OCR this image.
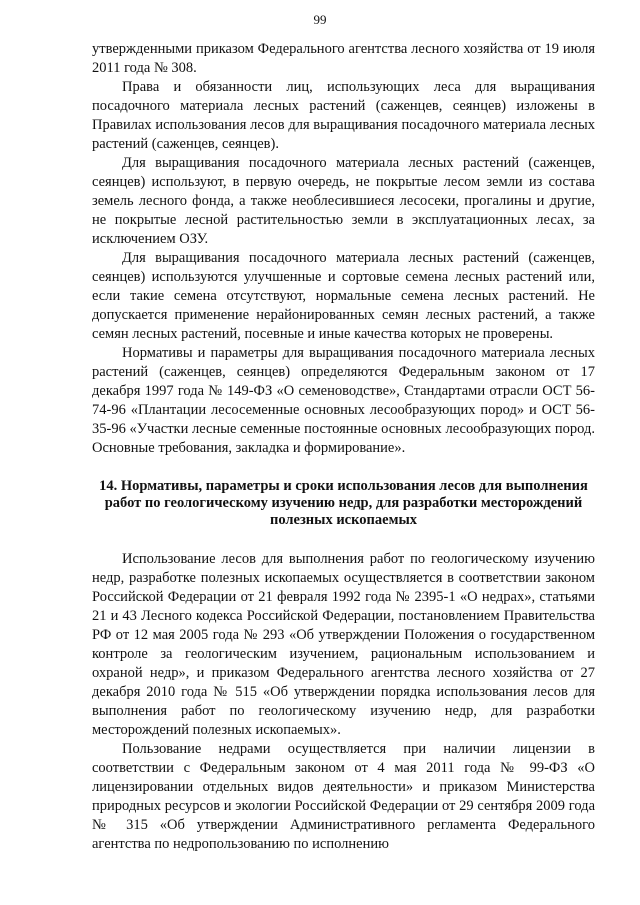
99

утвержденными приказом Федерального агентства лесного хозяйства от 19 июля 2011 года № 308.

Права и обязанности лиц, использующих леса для выращивания посадочного материала лесных растений (саженцев, сеянцев) изложены в Правилах использования лесов для выращивания посадочного материала лесных растений (саженцев, сеянцев).

Для выращивания посадочного материала лесных растений (саженцев, сеянцев) используют, в первую очередь, не покрытые лесом земли из состава земель лесного фонда, а также необлесившиеся лесосеки, прогалины и другие, не покрытые лесной растительностью земли в эксплуатационных лесах, за исключением ОЗУ.

Для выращивания посадочного материала лесных растений (саженцев, сеянцев) используются улучшенные и сортовые семена лесных растений или, если такие семена отсутствуют, нормальные семена лесных растений. Не допускается применение нерайонированных семян лесных растений, а также семян лесных растений, посевные и иные качества которых не проверены.

Нормативы и параметры для выращивания посадочного материала лесных растений (саженцев, сеянцев) определяются Федеральным законом от 17 декабря 1997 года № 149-ФЗ «О семеноводстве», Стандартами отрасли ОСТ 56-74-96 «Плантации лесосеменные основных лесообразующих пород» и ОСТ 56-35-96 «Участки лесные семенные постоянные основных лесообразующих пород. Основные требования, закладка и формирование».

14. Нормативы, параметры и сроки использования лесов для выполнения работ по геологическому изучению недр, для разработки месторождений полезных ископаемых

Использование лесов для выполнения работ по геологическому изучению недр, разработке полезных ископаемых осуществляется в соответствии законом Российской Федерации от 21 февраля 1992 года № 2395-1 «О недрах», статьями 21 и 43 Лесного кодекса Российской Федерации, постановлением Правительства РФ от 12 мая 2005 года № 293 «Об утверждении Положения о государственном контроле за геологическим изучением, рациональным использованием и охраной недр», и приказом Федерального агентства лесного хозяйства от 27 декабря 2010 года № 515 «Об утверждении порядка использования лесов для выполнения работ по геологическому изучению недр, для разработки месторождений полезных ископаемых».

Пользование недрами осуществляется при наличии лицензии в соответствии с Федеральным законом от 4 мая 2011 года № 99-ФЗ «О лицензировании отдельных видов деятельности» и приказом Министерства природных ресурсов и экологии Российской Федерации от 29 сентября 2009 года № 315 «Об утверждении Административного регламента Федерального агентства по недропользованию по исполнению
